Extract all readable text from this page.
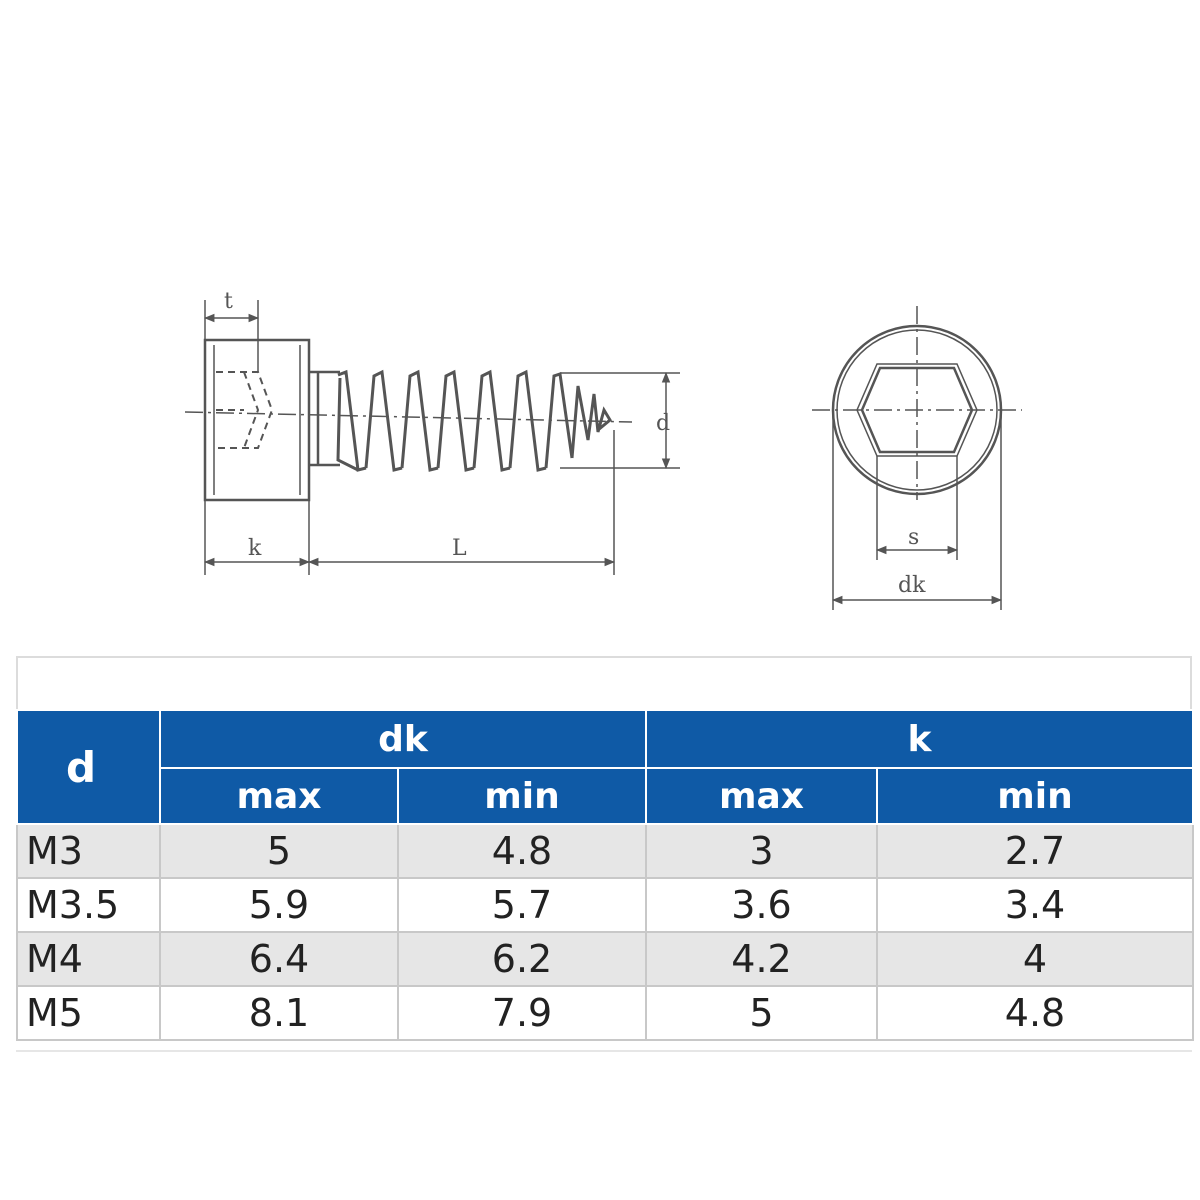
t
k	L
d
s
dk
d	dk		k	
	max	min	max	min
M3	5	4.8	3	2.7
M3.5	5.9	5.7	3.6	3.4
M4	6.4	6.2	4.2	4
M5	8.1	7.9	5	4.8
